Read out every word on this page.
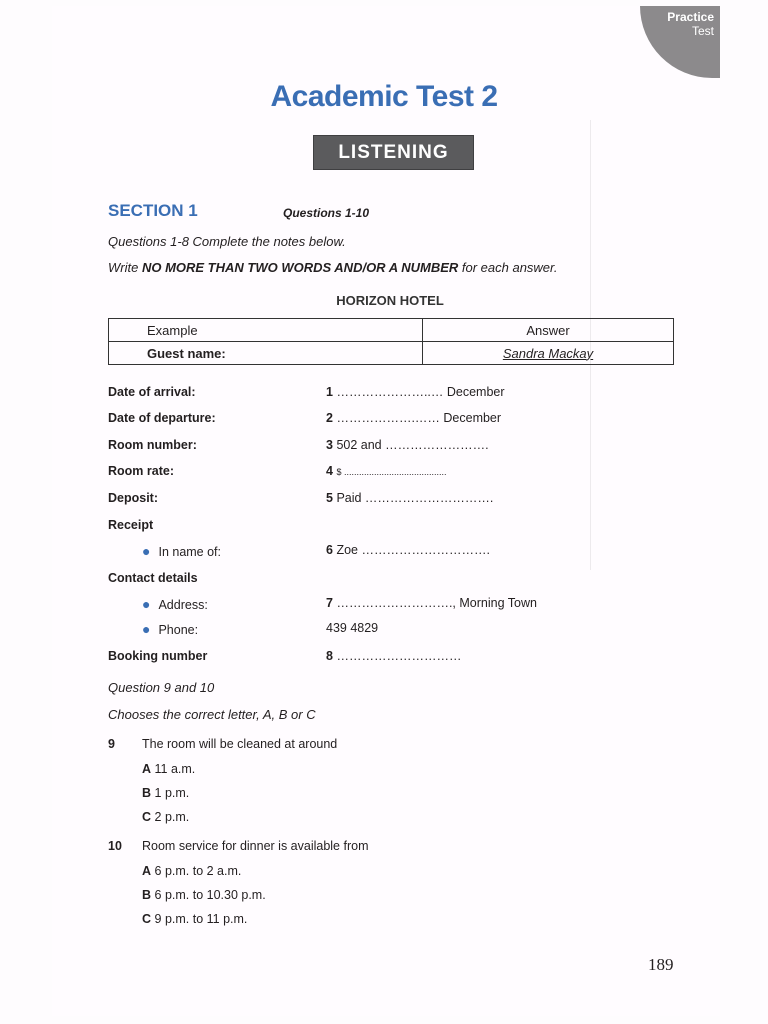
Practice
Test
Academic Test 2
LISTENING
SECTION 1	Questions 1-10
Questions 1-8 Complete the notes below.
Write NO MORE THAN TWO WORDS AND/OR A NUMBER for each answer.
HORIZON HOTEL
Example	Answer
Guest name:	Sandra Mackay
Date of arrival:	1 …………………..… December
Date of departure:	2 ……………….…… December
Room number:	3 502 and …………………….
Room rate:	4 $ .........................................
Deposit:	5 Paid ………………………….
Receipt
● In name of:	6 Zoe ………………………….
Contact details
● Address:	7 ………………………., Morning Town
● Phone:	439 4829
Booking number	8 …………………………
Question 9 and 10
Chooses the correct letter, A, B or C
9 The room will be cleaned at around
A 11 a.m.
B 1 p.m.
C 2 p.m.
10 Room service for dinner is available from
A 6 p.m. to 2 a.m.
B 6 p.m. to 10.30 p.m.
C 9 p.m. to 11 p.m.
189
